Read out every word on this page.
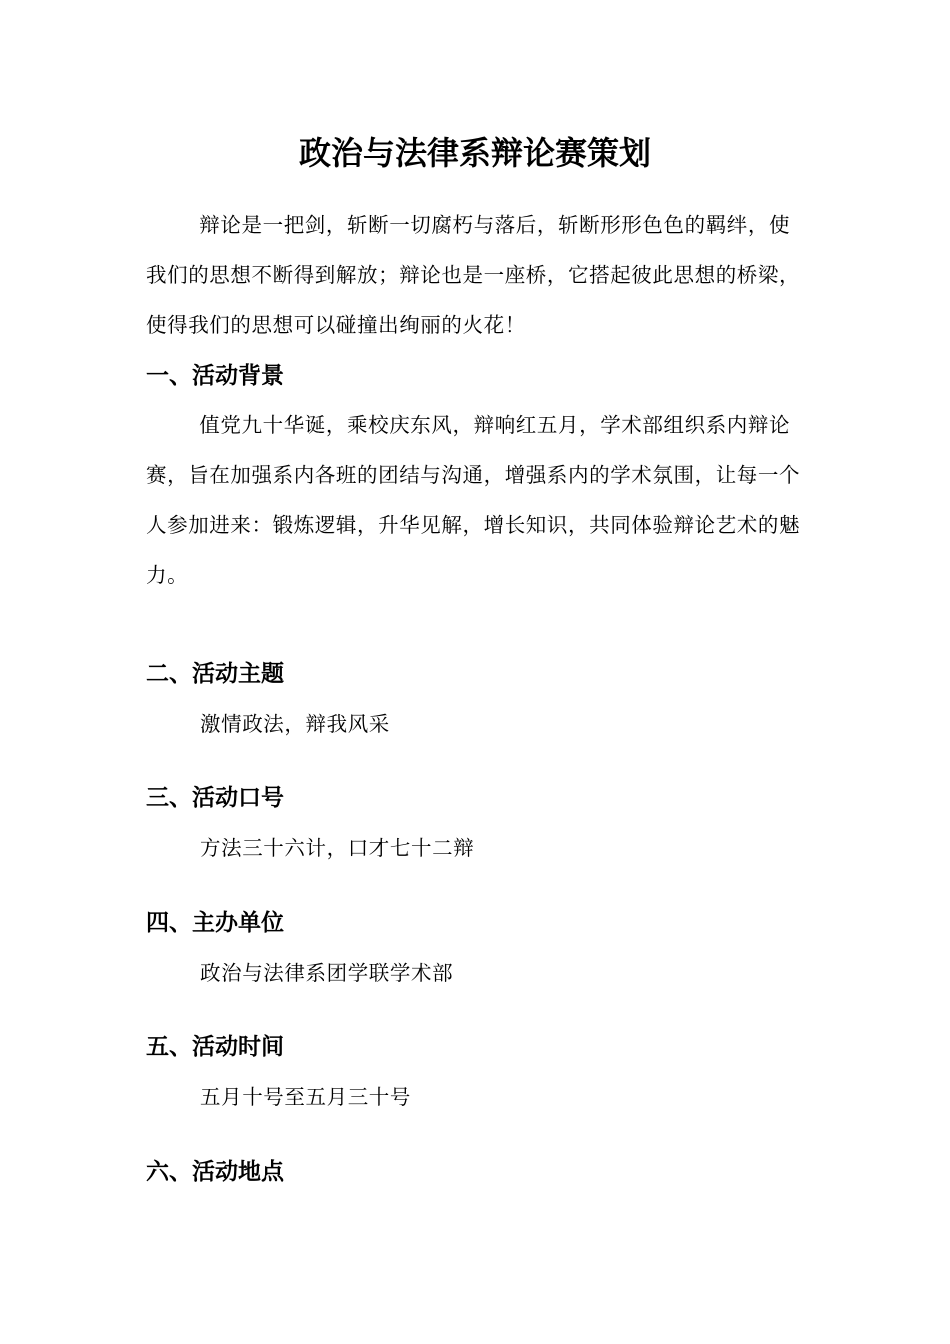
政治与法律系辩论赛策划

辩论是一把剑，斩断一切腐朽与落后，斩断形形色色的羁绊，使我们的思想不断得到解放；辩论也是一座桥，它搭起彼此思想的桥梁，使得我们的思想可以碰撞出绚丽的火花！

一、活动背景

值党九十华诞，乘校庆东风，辩响红五月，学术部组织系内辩论赛，旨在加强系内各班的团结与沟通，增强系内的学术氛围，让每一个人参加进来：锻炼逻辑，升华见解，增长知识，共同体验辩论艺术的魅力。

二、活动主题

激情政法，辩我风采

三、活动口号

方法三十六计，口才七十二辩

四、主办单位

政治与法律系团学联学术部

五、活动时间

五月十号至五月三十号

六、活动地点
